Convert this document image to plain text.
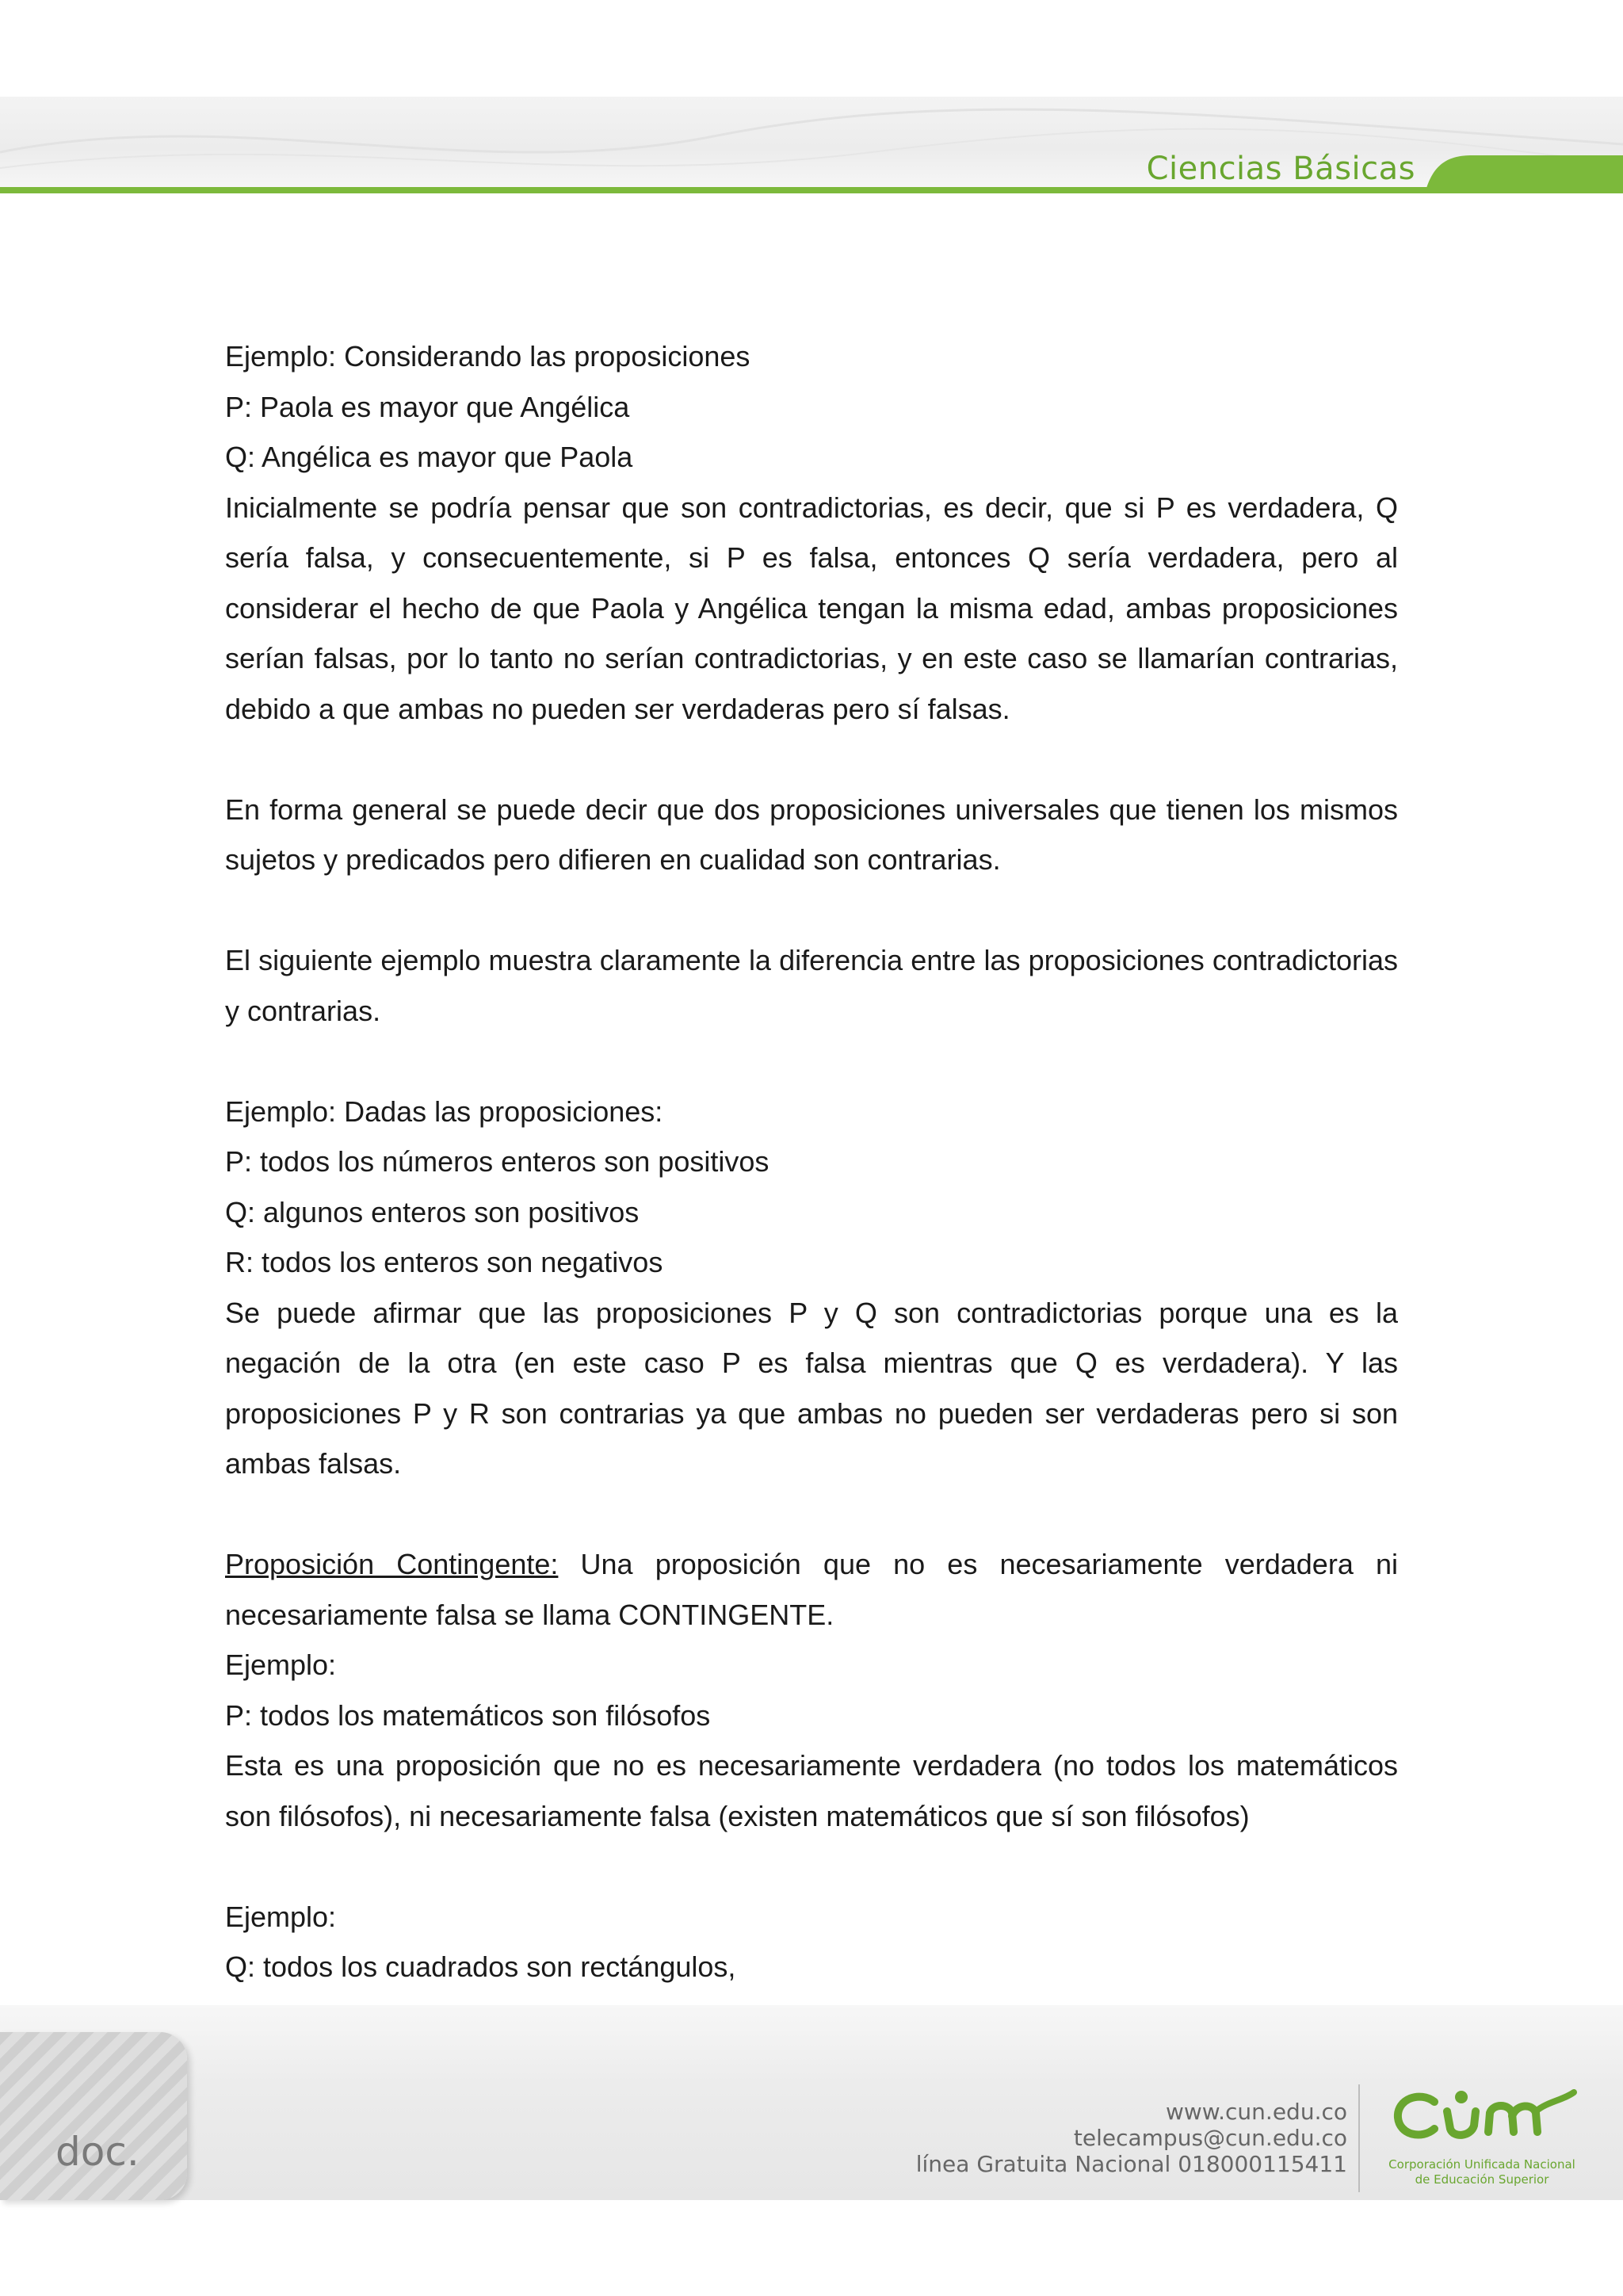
Ciencias Básicas

Ejemplo: Considerando las proposiciones

P: Paola es mayor que Angélica

Q: Angélica es mayor que Paola

Inicialmente se podría pensar que son contradictorias, es decir, que si P es verdadera, Q sería falsa, y consecuentemente, si P es falsa, entonces Q sería verdadera, pero al considerar el hecho de que Paola y Angélica tengan la misma edad, ambas proposiciones serían falsas, por lo tanto no serían contradictorias, y en este caso se llamarían contrarias, debido a que ambas no pueden ser verdaderas pero sí falsas.

En forma general se puede decir que dos proposiciones universales que tienen los mismos sujetos y predicados pero difieren en cualidad son contrarias.

El siguiente ejemplo muestra claramente la diferencia entre las proposiciones contradictorias y contrarias.

Ejemplo: Dadas las proposiciones:

P: todos los números enteros son positivos

Q: algunos enteros son positivos

R: todos los enteros son negativos

Se puede afirmar que las proposiciones P y Q son contradictorias porque una es la negación de la otra (en este caso P es falsa mientras que Q es verdadera). Y las proposiciones P y R son contrarias ya que ambas no pueden ser verdaderas pero si son ambas falsas.

Proposición Contingente: Una proposición que no es necesariamente verdadera ni necesariamente falsa se llama CONTINGENTE.

Ejemplo:

P: todos los matemáticos son filósofos

Esta es una proposición que no es necesariamente verdadera (no todos los matemáticos son filósofos), ni necesariamente falsa (existen matemáticos que sí son filósofos)

Ejemplo:

Q: todos los cuadrados son rectángulos,

doc.
www.cun.edu.co
telecampus@cun.edu.co
línea Gratuita Nacional 018000115411	Corporación Unificada Nacional
de Educación Superior
